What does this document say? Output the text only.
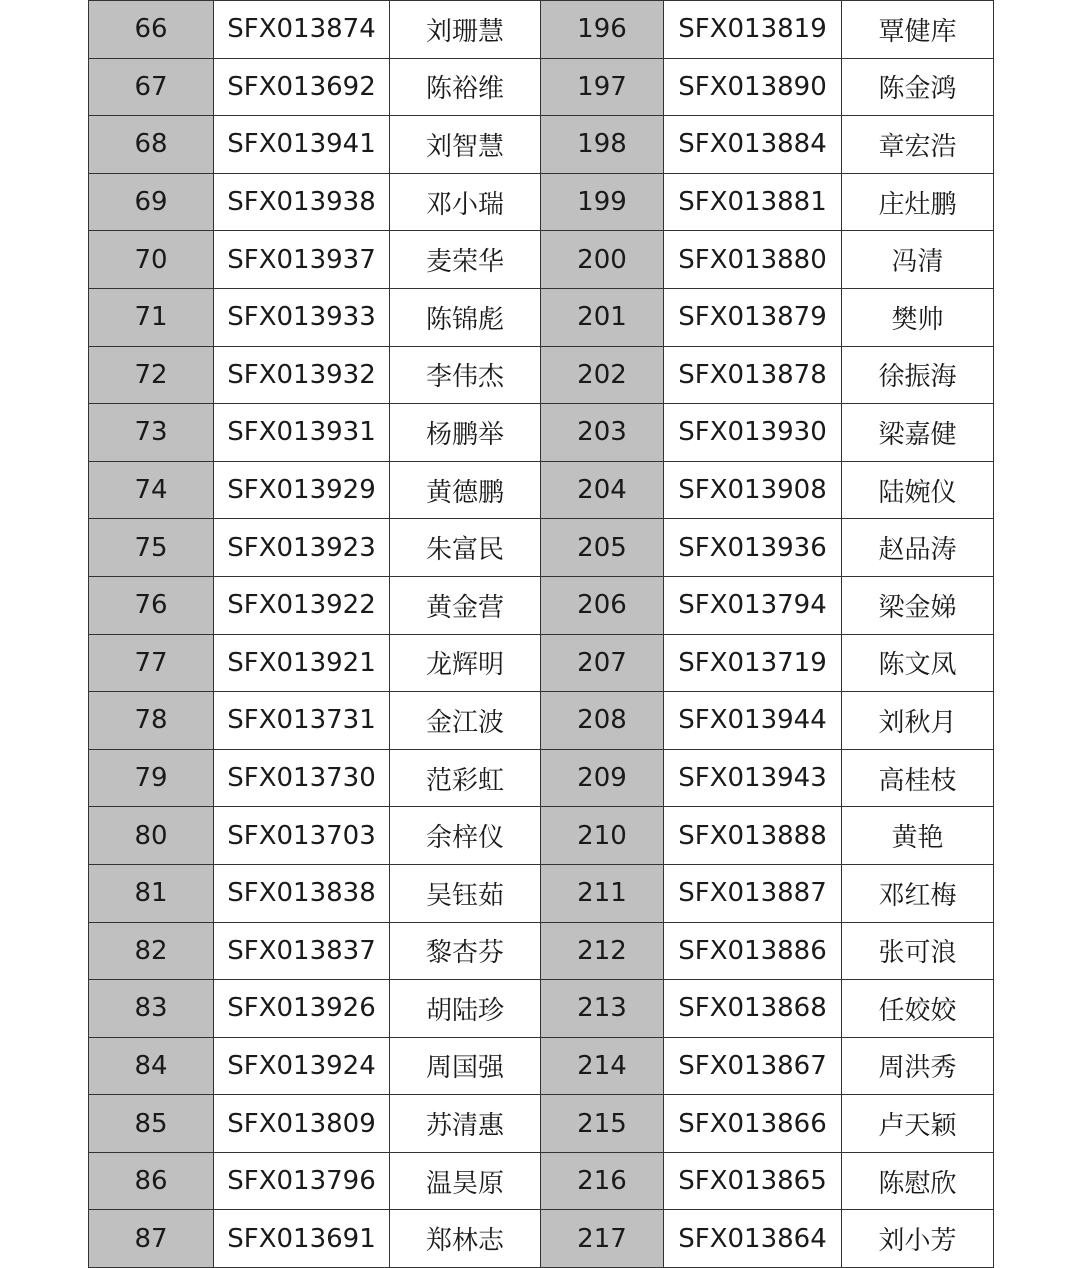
66	SFX013874	刘珊慧	196	SFX013819	覃健库
67	SFX013692	陈裕维	197	SFX013890	陈金鸿
68	SFX013941	刘智慧	198	SFX013884	章宏浩
69	SFX013938	邓小瑞	199	SFX013881	庄灶鹏
70	SFX013937	麦荣华	200	SFX013880	冯清
71	SFX013933	陈锦彪	201	SFX013879	樊帅
72	SFX013932	李伟杰	202	SFX013878	徐振海
73	SFX013931	杨鹏举	203	SFX013930	梁嘉健
74	SFX013929	黄德鹏	204	SFX013908	陆婉仪
75	SFX013923	朱富民	205	SFX013936	赵品涛
76	SFX013922	黄金营	206	SFX013794	梁金娣
77	SFX013921	龙辉明	207	SFX013719	陈文凤
78	SFX013731	金江波	208	SFX013944	刘秋月
79	SFX013730	范彩虹	209	SFX013943	高桂枝
80	SFX013703	余梓仪	210	SFX013888	黄艳
81	SFX013838	吴钰茹	211	SFX013887	邓红梅
82	SFX013837	黎杏芬	212	SFX013886	张可浪
83	SFX013926	胡陆珍	213	SFX013868	任姣姣
84	SFX013924	周国强	214	SFX013867	周洪秀
85	SFX013809	苏清惠	215	SFX013866	卢天颖
86	SFX013796	温昊原	216	SFX013865	陈慰欣
87	SFX013691	郑林志	217	SFX013864	刘小芳
